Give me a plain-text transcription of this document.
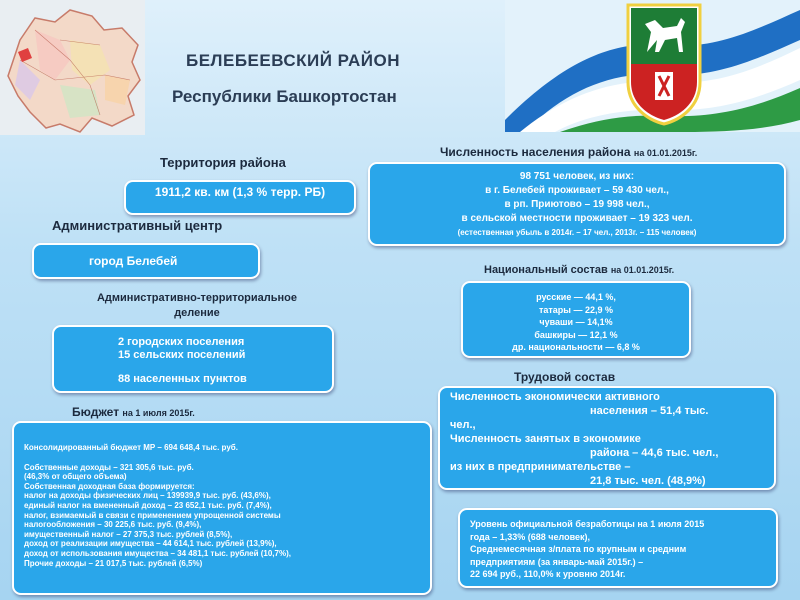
БЕЛЕБЕЕВСКИЙ РАЙОН
Республики Башкортостан
Территория района
1911,2 кв. км (1,3 % терр. РБ)
Административный центр
город Белебей
Административно-территориальное
деление
2 городских поселения
15 сельских поселений
88 населенных пунктов
Бюджет на 1 июля 2015г.
Консолидированный бюджет МР – 694 648,4 тыс. руб.
Собственные доходы – 321 305,6 тыс. руб.
(46,3% от общего объема)
Собственная доходная база формируется:
налог на доходы физических лиц – 139939,9 тыс. руб. (43,6%),
единый налог на вмененный доход – 23 652,1 тыс. руб. (7,4%),
налог, взимаемый в связи с применением упрощенной системы
налогообложения – 30 225,6 тыс. руб. (9,4%),
имущественный налог – 27 375,3 тыс. рублей (8,5%),
доход от реализации имущества – 44 614,1 тыс. рублей (13,9%),
доход от использования имущества – 34 481,1 тыс. рублей (10,7%),
Прочие доходы – 21 017,5 тыс. рублей (6,5%)
Численность населения района на 01.01.2015г.
98 751 человек, из них:
в г. Белебей проживает – 59 430 чел.,
в рп. Приютово – 19 998 чел.,
в сельской местности проживает – 19 323 чел.
(естественная убыль в 2014г. – 17 чел., 2013г. – 115 человек)
Национальный состав на 01.01.2015г.
русские — 44,1 %,
татары — 22,9 %
чуваши — 14,1%
башкиры — 12,1 %
др. национальности — 6,8 %
Трудовой состав
Численность экономически активного
населения – 51,4 тыс.
чел.,
Численность занятых в экономике
района – 44,6 тыс. чел.,
из них в предпринимательстве –
21,8 тыс. чел. (48,9%)
Уровень официальной безработицы на 1 июля 2015
года – 1,33% (688 человек),
Среднемесячная з/плата по крупным и средним
предприятиям (за январь-май 2015г.) –
22 694 руб., 110,0% к уровню 2014г.
